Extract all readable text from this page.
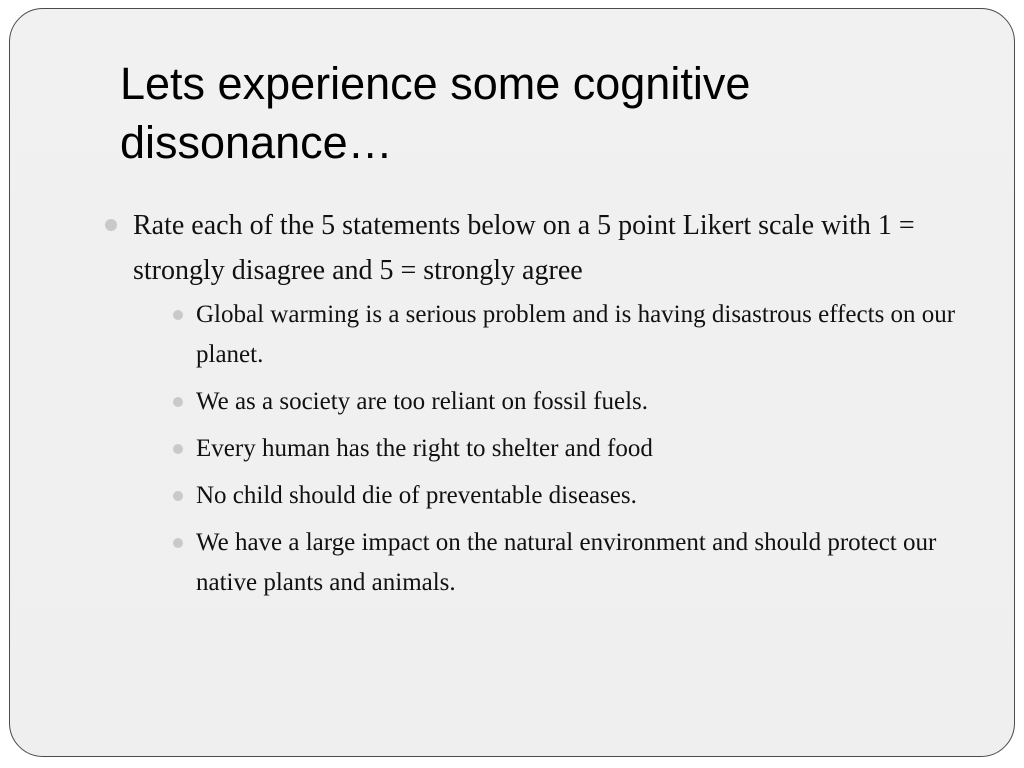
Lets experience some cognitive dissonance…
Rate each of the 5 statements below on a 5 point Likert scale with 1 = strongly disagree and 5 = strongly agree
Global warming is a serious problem and is having disastrous effects on our planet.
We as a society are too reliant on fossil fuels.
Every human has the right to shelter and food
No child should die of preventable diseases.
We have a large impact on the natural environment and should protect our native plants and animals.
